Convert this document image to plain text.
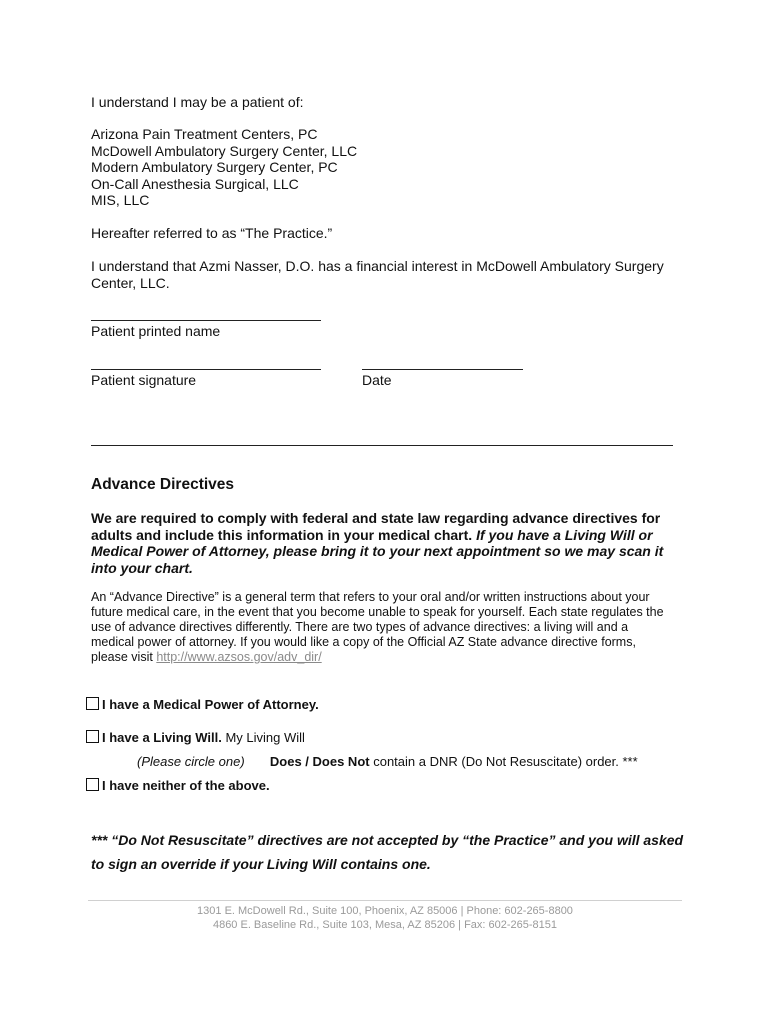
I understand I may be a patient of:

Arizona Pain Treatment Centers, PC
McDowell Ambulatory Surgery Center, LLC
Modern Ambulatory Surgery Center, PC
On-Call Anesthesia Surgical, LLC
MIS, LLC

Hereafter referred to as “The Practice.”

I understand that Azmi Nasser, D.O. has a financial interest in McDowell Ambulatory Surgery
Center, LLC.
Patient printed name
Patient signature	Date
Advance Directives
We are required to comply with federal and state law regarding advance directives for
adults and include this information in your medical chart. If you have a Living Will or
Medical Power of Attorney, please bring it to your next appointment so we may scan it
into your chart.
An “Advance Directive” is a general term that refers to your oral and/or written instructions about your
future medical care, in the event that you become unable to speak for yourself. Each state regulates the
use of advance directives differently. There are two types of advance directives: a living will and a
medical power of attorney. If you would like a copy of the Official AZ State advance directive forms,
please visit http://www.azsos.gov/adv_dir/
I have a Medical Power of Attorney.
I have a Living Will. My Living Will
(Please circle one) Does / Does Not contain a DNR (Do Not Resuscitate) order. ***
I have neither of the above.
*** “Do Not Resuscitate” directives are not accepted by “the Practice” and you will asked
to sign an override if your Living Will contains one.
1301 E. McDowell Rd., Suite 100, Phoenix, AZ 85006 | Phone: 602-265-8800
4860 E. Baseline Rd., Suite 103, Mesa, AZ 85206 | Fax: 602-265-8151
